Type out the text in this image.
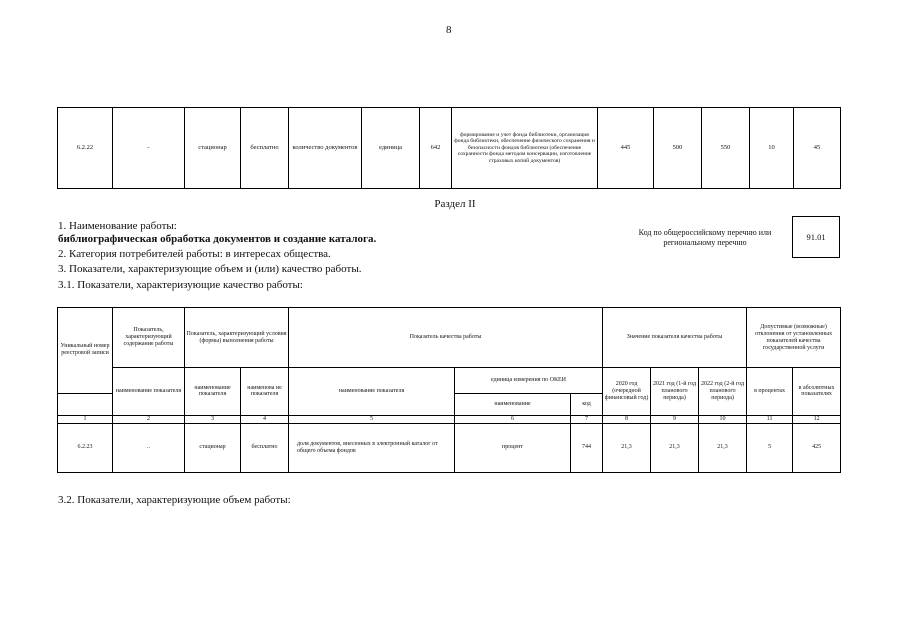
8
6.2.22	-	стационар	бесплатно	количество документов	единица	642	формирование и учет фонда библиотеки, организация фонда библиотеки, обеспечение физического сохранения и безопасности фондов библиотеки (обеспечение сохранности фонда методом консервации, изготовление страховых копий документов)	445	500	550	10	45
Раздел II
1. Наименование работы:
библиографическая обработка документов и создание каталога.
2. Категория потребителей работы: в интересах общества.
3. Показатели, характеризующие объем и (или) качество работы.
3.1. Показатели, характеризующие качество работы:
Код по общероссийскому перечню или региональному перечню
91.01
Уникальный номер реестровой записи	Показатель, характеризующий содержание работы	Показатель, характеризующий условия (формы) выполнения работы		Показатель качества работы			Значение показателя качества работы			Допустимые (возможные) отклонения от установленных показателей качества государственной услуги	
	наименование показателя	наименование показателя	наименова ие показателя	наименование показателя	единица измерения по ОКЕИ		2020 год (очередной финансовый год)	2021 год (1-й год планового периода)	2022 год (2-й год планового периода)	в процентах	в абсолютных показателях
					наименование	код					
1	2	3	4	5	6	7	8	9	10	11	12
6.2.23	..	стационар	бесплатно	доля документов, внесенных в электронный каталог от общего объема фондов	процент	744	21,3	21,3	21,3	5	425
3.2. Показатели, характеризующие объем работы:
